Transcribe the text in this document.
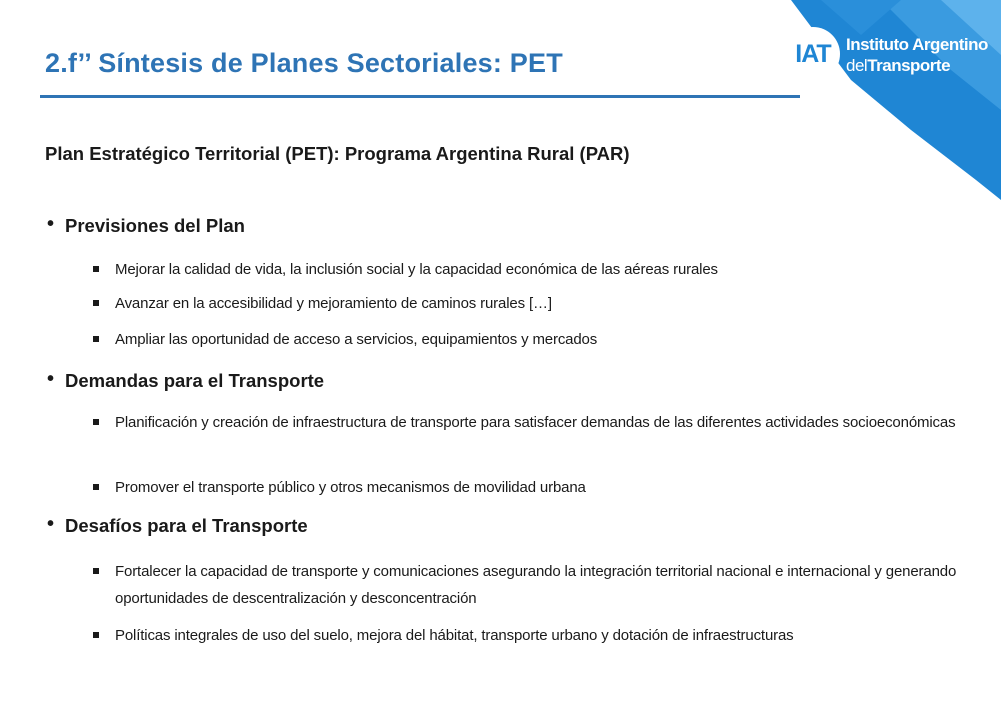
IAT Instituto Argentino
delTransporte
2.f’’ Síntesis de Planes Sectoriales: PET
Plan Estratégico Territorial (PET): Programa Argentina Rural (PAR)
• Previsiones del Plan
Mejorar la calidad de vida, la inclusión social y la capacidad económica de las aéreas rurales
Avanzar en la accesibilidad y mejoramiento de caminos rurales […]
Ampliar las oportunidad de acceso a servicios, equipamientos y mercados
• Demandas para el Transporte
Planificación y creación de infraestructura de transporte para satisfacer demandas de las diferentes actividades socioeconómicas
Promover el transporte público y otros mecanismos de movilidad urbana
• Desafíos para el Transporte
Fortalecer la capacidad de transporte y comunicaciones asegurando la integración territorial nacional e internacional y generando oportunidades de descentralización y desconcentración
Políticas integrales de uso del suelo, mejora del hábitat, transporte urbano y dotación de infraestructuras
